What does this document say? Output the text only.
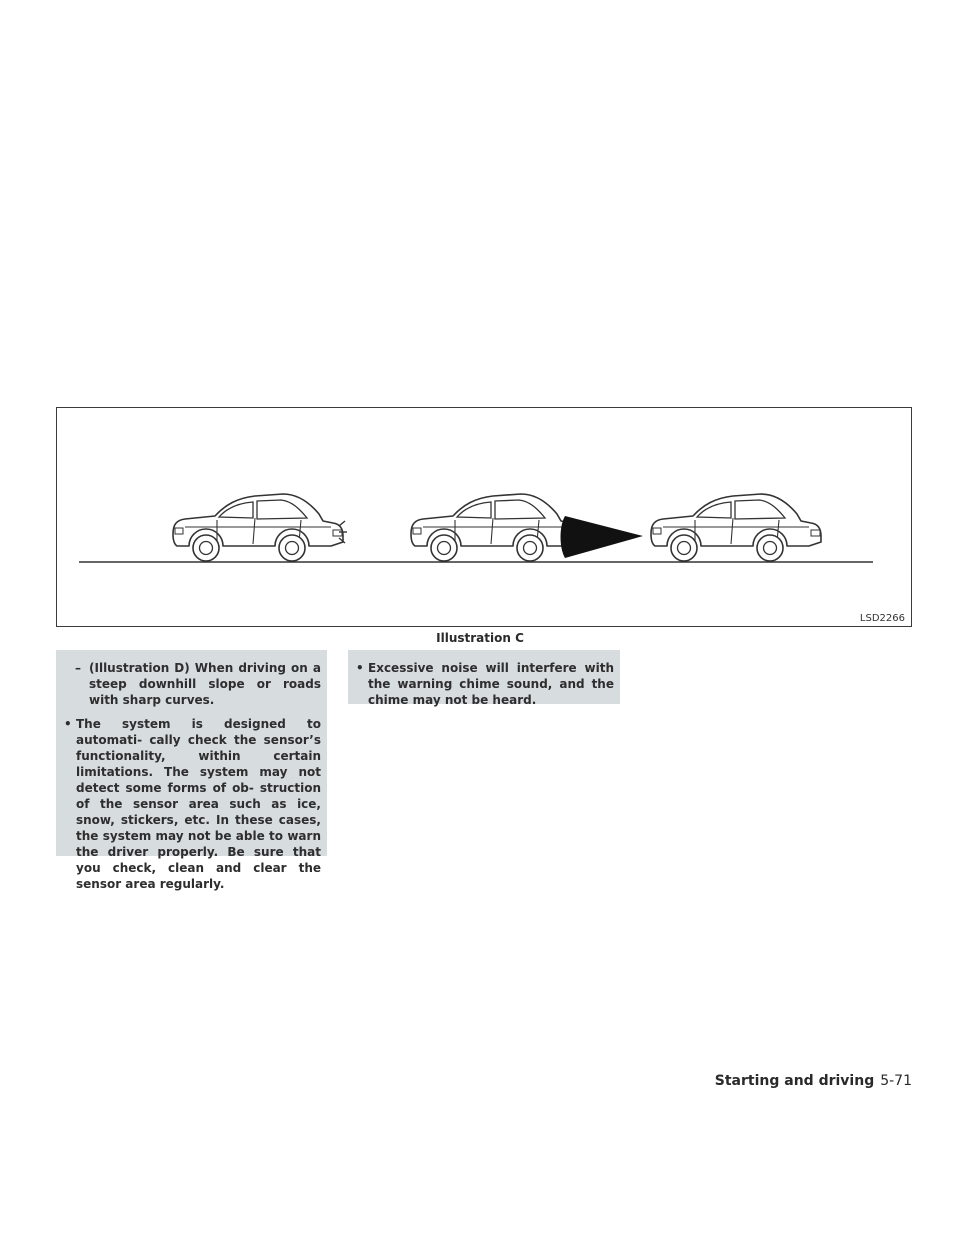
LSD2266
Illustration C
– (Illustration D) When driving on a steep downhill slope or roads with sharp curves.
• The system is designed to automati- cally check the sensor’s functionality, within certain limitations. The system may not detect some forms of ob- struction of the sensor area such as ice, snow, stickers, etc. In these cases, the system may not be able to warn the driver properly. Be sure that you check, clean and clear the sensor area regularly.
• Excessive noise will interfere with the warning chime sound, and the chime may not be heard.
Starting and driving 5-71
